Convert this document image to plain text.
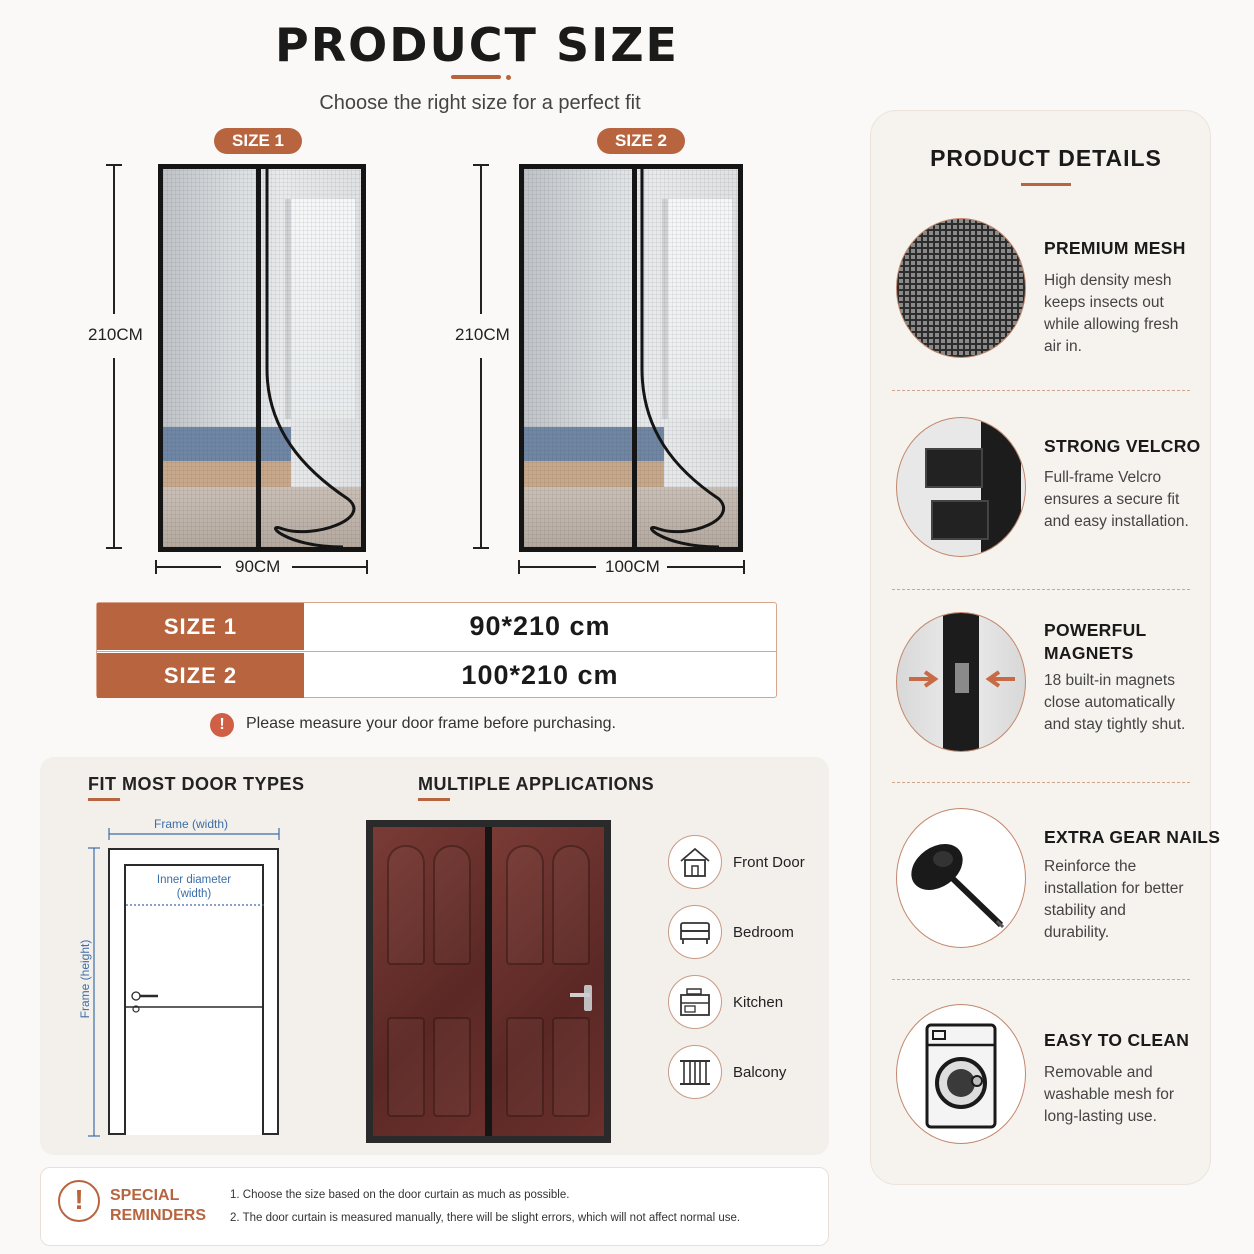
PRODUCT SIZE
Choose the right size for a perfect fit
SIZE 1
210CM
90CM
SIZE 2
210CM
100CM
SIZE 1	90*210 cm
SIZE 2	100*210 cm
!	Please measure your door frame before purchasing.
FIT MOST DOOR TYPES	MULTIPLE APPLICATIONS
Frame (width)
Inner diameter
(width)
Frame (height)
Front Door
Bedroom
Kitchen
Balcony
!	SPECIAL
REMINDERS
1. Choose the size based on the door curtain as much as possible.
2. The door curtain is measured manually, there will be slight errors, which will not affect normal use.
PRODUCT DETAILS
PREMIUM MESH
High density mesh keeps insects out while allowing fresh air in.
STRONG VELCRO
Full-frame Velcro ensures a secure fit and easy installation.
POWERFUL
MAGNETS
18 built-in magnets close automatically and stay tightly shut.
EXTRA GEAR NAILS
Reinforce the installation for better stability and durability.
EASY TO CLEAN
Removable and washable mesh for long-lasting use.
